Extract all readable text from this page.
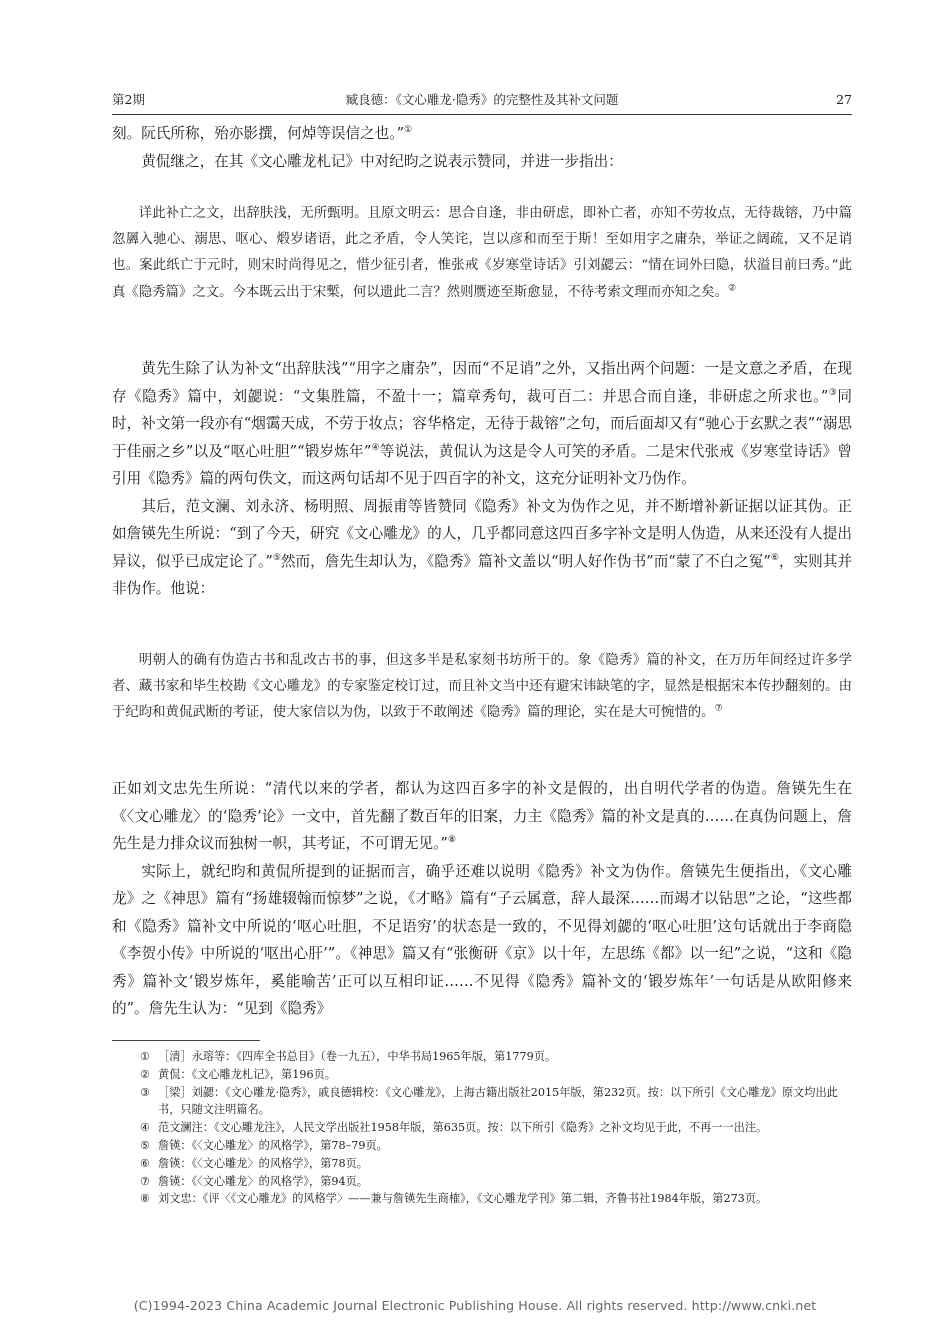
第2期	臧良德：《文心雕龙·隐秀》的完整性及其补文问题	27

刻。阮氏所称，殆亦影撰，何焯等误信之也。”①

黄侃继之，在其《文心雕龙札记》中对纪昀之说表示赞同，并进一步指出：

详此补亡之文，出辞肤浅，无所甄明。且原文明云：思合自逢，非由研虑，即补亡者，亦知不劳妆点，无待裁镕，乃中篇忽羼入驰心、溺思、呕心、煅岁诸语，此之矛盾，令人笑诧，岂以彦和而至于斯！至如用字之庸杂，举证之阔疏，又不足诮也。案此纸亡于元时，则宋时尚得见之，惜少征引者，惟张戒《岁寒堂诗话》引刘勰云：“情在词外曰隐，状溢目前曰秀。”此真《隐秀篇》之文。今本既云出于宋槧，何以遗此二言？然则赝迹至斯愈显，不待考索文理而亦知之矣。②

黄先生除了认为补文“出辞肤浅”“用字之庸杂”，因而“不足诮”之外，又指出两个问题：一是文意之矛盾，在现存《隐秀》篇中，刘勰说：“文集胜篇，不盈十一；篇章秀句，裁可百二：并思合而自逢，非研虑之所求也。”③同时，补文第一段亦有“烟霭天成，不劳于妆点；容华格定，无待于裁镕”之句，而后面却又有“驰心于玄默之表”“溺思于佳丽之乡”以及“呕心吐胆”“锻岁炼年”④等说法，黄侃认为这是令人可笑的矛盾。二是宋代张戒《岁寒堂诗话》曾引用《隐秀》篇的两句佚文，而这两句话却不见于四百字的补文，这充分证明补文乃伪作。

其后，范文澜、刘永济、杨明照、周振甫等皆赞同《隐秀》补文为伪作之见，并不断增补新证据以证其伪。正如詹锳先生所说：“到了今天，研究《文心雕龙》的人，几乎都同意这四百多字补文是明人伪造，从来还没有人提出异议，似乎已成定论了。”⑤然而，詹先生却认为，《隐秀》篇补文盖以“明人好作伪书”而“蒙了不白之冤”⑥，实则其并非伪作。他说：

明朝人的确有伪造古书和乱改古书的事，但这多半是私家刻书坊所干的。象《隐秀》篇的补文，在万历年间经过许多学者、藏书家和毕生校勘《文心雕龙》的专家鉴定校订过，而且补文当中还有避宋讳缺笔的字，显然是根据宋本传抄翻刻的。由于纪昀和黄侃武断的考证，使大家信以为伪，以致于不敢阐述《隐秀》篇的理论，实在是大可惋惜的。⑦

正如刘文忠先生所说：“清代以来的学者，都认为这四百多字的补文是假的，出自明代学者的伪造。詹锳先生在《〈文心雕龙〉的‘隐秀’论》一文中，首先翻了数百年的旧案，力主《隐秀》篇的补文是真的……在真伪问题上，詹先生是力排众议而独树一帜，其考证，不可谓无见。”⑧

实际上，就纪昀和黄侃所提到的证据而言，确乎还难以说明《隐秀》补文为伪作。詹锳先生便指出，《文心雕龙》之《神思》篇有“扬雄辍翰而惊梦”之说，《才略》篇有“子云属意，辞人最深……而竭才以钻思”之论，“这些都和《隐秀》篇补文中所说的‘呕心吐胆，不足语穷’的状态是一致的，不见得刘勰的‘呕心吐胆’这句话就出于李商隐《李贺小传》中所说的‘呕出心肝’”。《神思》篇又有“张衡研《京》以十年，左思练《都》以一纪”之说，“这和《隐秀》篇补文‘锻岁炼年，奚能喻苦’正可以互相印证……不见得《隐秀》篇补文的‘锻岁炼年’一句话是从欧阳修来的”。詹先生认为：“见到《隐秀》

① ［清］永瑢等：《四库全书总目》（卷一九五），中华书局1965年版，第1779页。
② 黄侃：《文心雕龙札记》，第196页。
③ ［梁］刘勰：《文心雕龙·隐秀》，戚良德辑校：《文心雕龙》，上海古籍出版社2015年版，第232页。按：以下所引《文心雕龙》原文均出此书，只随文注明篇名。
④ 范文澜注：《文心雕龙注》，人民文学出版社1958年版，第635页。按：以下所引《隐秀》之补文均见于此，不再一一出注。
⑤ 詹锳：《〈文心雕龙〉的风格学》，第78–79页。
⑥ 詹锳：《〈文心雕龙〉的风格学》，第78页。
⑦ 詹锳：《〈文心雕龙〉的风格学》，第94页。
⑧ 刘文忠：《评〈《文心雕龙》的风格学〉——兼与詹锳先生商榷》，《文心雕龙学刊》第二辑，齐鲁书社1984年版，第273页。
(C)1994-2023 China Academic Journal Electronic Publishing House. All rights reserved. http://www.cnki.net
